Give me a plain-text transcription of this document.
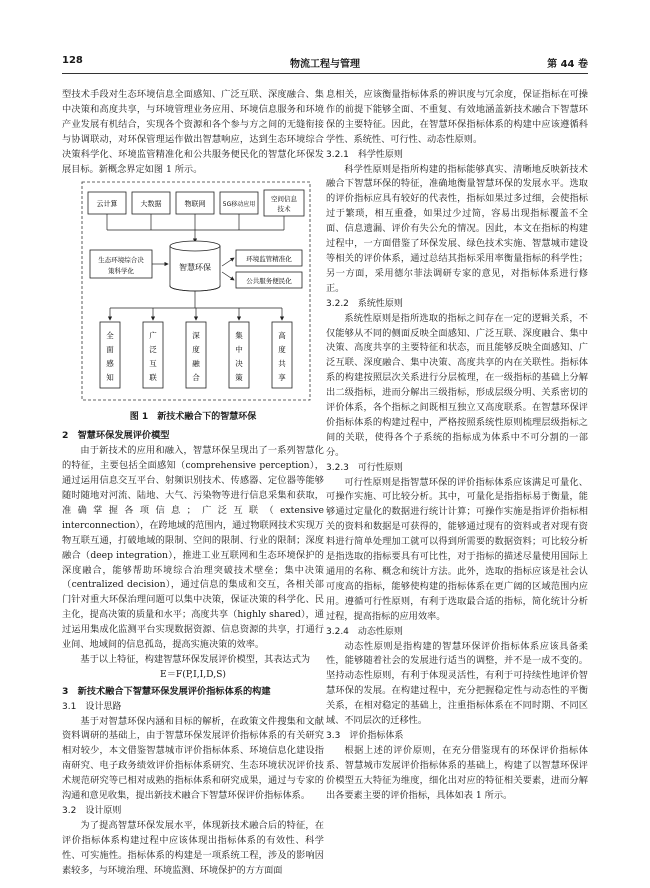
128	物流工程与管理	第 44 卷

型技术手段对生态环境信息全面感知、广泛互联、深度融合、集中决策和高度共享，与环境管理业务应用、环境信息服务和环境产业发展有机结合，实现各个资源和各个参与方之间的无缝衔接与协调联动，对环保管理运作做出智慧响应，达到生态环境综合决策科学化、环境监管精准化和公共服务便民化的智慧化环保发展目标。新概念界定如图 1 所示。

云计算	大数据	物联网	5G移动应用
空间信息
技术
智慧环保
生态环境综合决
策科学化
环境监管精准化
公共服务便民化
全
面
感
知
广
泛
互
联
深
度
融
合
集
中
决
策
高
度
共
享
图 1　新技术融合下的智慧环保

2　智慧环保发展评价模型

由于新技术的应用和融入，智慧环保呈现出了一系列智慧化的特征，主要包括全面感知（comprehensive perception），通过运用信息交互平台、射频识别技术、传感器、定位器等能够随时随地对河流、陆地、大气、污染物等进行信息采集和获取，准确掌握各项信息；广泛互联（extensive interconnection），在跨地域的范围内，通过物联网技术实现万物互联互通，打破地域的限制、空间的限制、行业的限制；深度融合（deep integration），推进工业互联网和生态环境保护的深度融合，能够帮助环境综合治理突破技术壁垒；集中决策（centralized decision），通过信息的集成和交互，各相关部门针对重大环保治理问题可以集中决策，保证决策的科学化、民主化，提高决策的质量和水平；高度共享（highly shared），通过运用集成化监测平台实现数据资源、信息资源的共享，打通行业间、地域间的信息孤岛，提高实施决策的效率。

基于以上特征，构建智慧环保发展评价模型，其表达式为

E＝F(P,I,I,D,S)

3　新技术融合下智慧环保发展评价指标体系的构建

3.1　设计思路

基于对智慧环保内涵和目标的解析，在政策文件搜集和文献资料调研的基础上，由于智慧环保发展评价指标体系的有关研究相对较少，本文借鉴智慧城市评价指标体系、环境信息化建设指南研究、电子政务绩效评价指标体系研究、生态环境状况评价技术规范研究等已相对成熟的指标体系和研究成果，通过与专家的沟通和意见收集，提出新技术融合下智慧环保评价指标体系。

3.2　设计原则

为了提高智慧环保发展水平，体现新技术融合后的特征，在评价指标体系构建过程中应该体现出指标体系的有效性、科学性、可实施性。指标体系的构建是一项系统工程，涉及的影响因素较多，与环境治理、环境监测、环境保护的方方面面

息相关，应该衡量指标体系的辨识度与冗余度，保证指标在可操作的前提下能够全面、不重复、有效地涵盖新技术融合下智慧环保的主要特征。因此，在智慧环保指标体系的构建中应该遵循科学性、系统性、可行性、动态性原则。

3.2.1　科学性原则

科学性原则是指所构建的指标能够真实、清晰地反映新技术融合下智慧环保的特征，准确地衡量智慧环保的发展水平。选取的评价指标应具有较好的代表性，指标如果过多过细，会使指标过于繁琐，相互重叠，如果过少过简，容易出现指标覆盖不全面、信息遗漏、评价有失公允的情况。因此，本文在指标的构建过程中，一方面借鉴了环保发展、绿色技术实施、智慧城市建设等相关的评价体系，通过总结其指标采用率衡量指标的科学性；另一方面，采用德尔菲法调研专家的意见，对指标体系进行修正。

3.2.2　系统性原则

系统性原则是指所选取的指标之间存在一定的逻辑关系，不仅能够从不同的侧面反映全面感知、广泛互联、深度融合、集中决策、高度共享的主要特征和状态，而且能够反映全面感知、广泛互联、深度融合、集中决策、高度共享的内在关联性。指标体系的构建按照层次关系进行分层梳理，在一级指标的基础上分解出二级指标，进而分解出三级指标，形成层级分明、关系密切的评价体系，各个指标之间既相互独立又高度联系。在智慧环保评价指标体系的构建过程中，严格按照系统性原则梳理层级指标之间的关联，使得各个子系统的指标成为体系中不可分割的一部分。

3.2.3　可行性原则

可行性原则是指智慧环保的评价指标体系应该满足可量化、可操作实施、可比较分析。其中，可量化是指指标易于衡量，能够通过定量化的数据进行统计计算；可操作实施是指评价指标相关的资料和数据是可获得的，能够通过现有的资料或者对现有资料进行简单处理加工就可以得到所需要的数据资料；可比较分析是指选取的指标要具有可比性，对于指标的描述尽量使用国际上通用的名称、概念和统计方法。此外，选取的指标应该是社会认可度高的指标，能够使构建的指标体系在更广阔的区域范围内应用。遵循可行性原则，有利于选取最合适的指标，简化统计分析过程，提高指标的应用效率。

3.2.4　动态性原则

动态性原则是指构建的智慧环保评价指标体系应该具备柔性，能够随着社会的发展进行适当的调整，并不是一成不变的。坚持动态性原则，有利于体现灵活性，有利于可持续性地评价智慧环保的发展。在构建过程中，充分把握稳定性与动态性的平衡关系，在相对稳定的基础上，注重指标体系在不同时期、不同区域、不同层次的迁移性。

3.3　评价指标体系

根据上述的评价原则，在充分借鉴现有的环保评价指标体系、智慧城市发展评价指标体系的基础上，构建了以智慧环保评价模型五大特征为维度，细化出对应的特征相关要素，进而分解出各要素主要的评价指标，具体如表 1 所示。
